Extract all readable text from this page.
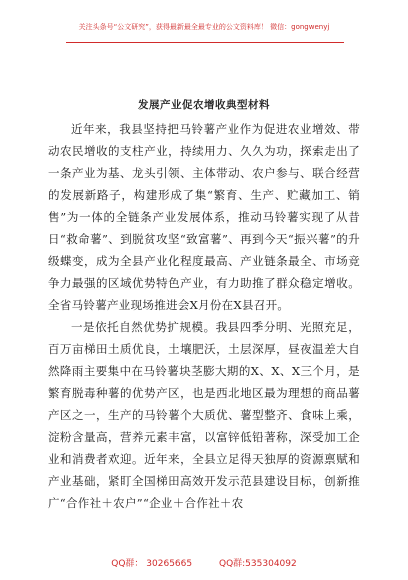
关注头条号“公文研究”，获得最新最全最专业的公文资料库！ 微信：gongwenyj
发展产业促农增收典型材料

近年来，我县坚持把马铃薯产业作为促进农业增效、带动农民增收的支柱产业，持续用力、久久为功，探索走出了一条产业为基、龙头引领、主体带动、农户参与、联合经营的发展新路子，构建形成了集“繁育、生产、贮藏加工、销售”为一体的全链条产业发展体系，推动马铃薯实现了从昔日“救命薯”、到脱贫攻坚“致富薯”、再到今天“振兴薯”的升级蝶变，成为全县产业化程度最高、产业链条最全、市场竞争力最强的区域优势特色产业，有力助推了群众稳定增收。全省马铃薯产业现场推进会X月份在X县召开。

一是依托自然优势扩规模。我县四季分明、光照充足，百万亩梯田土质优良，土壤肥沃，土层深厚，昼夜温差大自然降雨主要集中在马铃薯块茎膨大期的X、X、X三个月，是繁育脱毒种薯的优势产区，也是西北地区最为理想的商品薯产区之一，生产的马铃薯个大质优、薯型整齐、食味上乘，淀粉含量高，营养元素丰富，以富锌低铅著称，深受加工企业和消费者欢迎。近年来，全县立足得天独厚的资源禀赋和产业基础，紧盯全国梯田高效开发示范县建设目标，创新推广“合作社＋农户”“企业＋合作社＋农

QQ群： 30265665	QQ群:535304092
